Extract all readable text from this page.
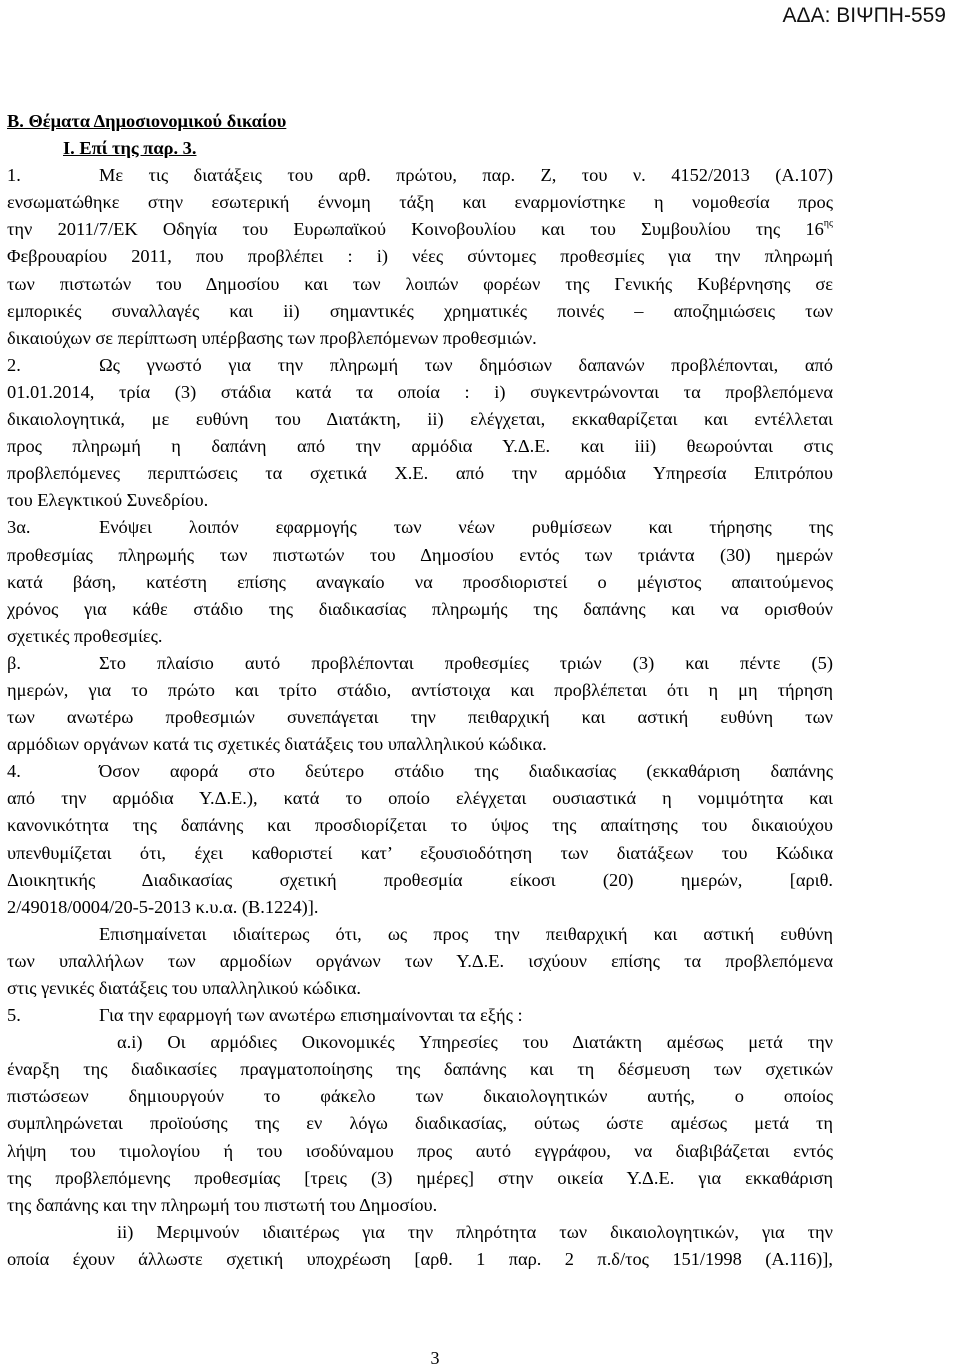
ΑΔΑ: ΒΙΨΠΗ-559

Β. Θέματα Δημοσιονομικού δικαίου

Ι. Επί της παρ. 3.

1.	Με τις διατάξεις του αρθ. πρώτου, παρ. Ζ, του ν. 4152/2013 (Α.107)

ενσωματώθηκε στην εσωτερική έννομη τάξη και εναρμονίστηκε η νομοθεσία προς

την 2011/7/ΕΚ Οδηγία του Ευρωπαϊκού Κοινοβουλίου και του Συμβουλίου της $16^{\eta\varsigma}$

Φεβρουαρίου 2011, που προβλέπει : i) νέες σύντομες προθεσμίες για την πληρωμή

των πιστωτών του Δημοσίου και των λοιπών φορέων της Γενικής Κυβέρνησης σε

εμπορικές συναλλαγές και ii) σημαντικές χρηματικές ποινές – αποζημιώσεις των

δικαιούχων σε περίπτωση υπέρβασης των προβλεπόμενων προθεσμιών.

2.	Ως γνωστό για την πληρωμή των δημόσιων δαπανών προβλέπονται, από

01.01.2014, τρία (3) στάδια κατά τα οποία : i) συγκεντρώνονται τα προβλεπόμενα

δικαιολογητικά, με ευθύνη του Διατάκτη, ii) ελέγχεται, εκκαθαρίζεται και εντέλλεται

προς πληρωμή η δαπάνη από την αρμόδια Υ.Δ.Ε. και iii) θεωρούνται στις

προβλεπόμενες περιπτώσεις τα σχετικά Χ.Ε. από την αρμόδια Υπηρεσία Επιτρόπου

του Ελεγκτικού Συνεδρίου.

3α.	Ενόψει λοιπόν εφαρμογής των νέων ρυθμίσεων και τήρησης της

προθεσμίας πληρωμής των πιστωτών του Δημοσίου εντός των τριάντα (30) ημερών

κατά βάση, κατέστη επίσης αναγκαίο να προσδιοριστεί ο μέγιστος απαιτούμενος

χρόνος για κάθε στάδιο της διαδικασίας πληρωμής της δαπάνης και να ορισθούν

σχετικές προθεσμίες.

β.	Στο πλαίσιο αυτό προβλέπονται προθεσμίες τριών (3) και πέντε (5)

ημερών, για το πρώτο και τρίτο στάδιο, αντίστοιχα και προβλέπεται ότι η μη τήρηση

των ανωτέρω προθεσμιών συνεπάγεται την πειθαρχική και αστική ευθύνη των

αρμόδιων οργάνων κατά τις σχετικές διατάξεις του υπαλληλικού κώδικα.

4.	Όσον αφορά στο δεύτερο στάδιο της διαδικασίας (εκκαθάριση δαπάνης

από την αρμόδια Υ.Δ.Ε.), κατά το οποίο ελέγχεται ουσιαστικά η νομιμότητα και

κανονικότητα της δαπάνης και προσδιορίζεται το ύψος της απαίτησης του δικαιούχου

υπενθυμίζεται ότι, έχει καθοριστεί κατ’ εξουσιοδότηση των διατάξεων του Κώδικα

Διοικητικής Διαδικασίας σχετική προθεσμία είκοσι (20) ημερών, [αριθ.

2/49018/0004/20-5-2013 κ.υ.α. (Β.1224)].

Επισημαίνεται ιδιαίτερως ότι, ως προς την πειθαρχική και αστική ευθύνη

των υπαλλήλων των αρμοδίων οργάνων των Υ.Δ.Ε. ισχύουν επίσης τα προβλεπόμενα

στις γενικές διατάξεις του υπαλληλικού κώδικα.

5.	Για την εφαρμογή των ανωτέρω επισημαίνονται τα εξής :

α.i) Οι αρμόδιες Οικονομικές Υπηρεσίες του Διατάκτη αμέσως μετά την

έναρξη της διαδικασίες πραγματοποίησης της δαπάνης και τη δέσμευση των σχετικών

πιστώσεων δημιουργούν το φάκελο των δικαιολογητικών αυτής, ο οποίος

συμπληρώνεται προϊούσης της εν λόγω διαδικασίας, ούτως ώστε αμέσως μετά τη

λήψη του τιμολογίου ή του ισοδύναμου προς αυτό εγγράφου, να διαβιβάζεται εντός

της προβλεπόμενης προθεσμίας [τρεις (3) ημέρες] στην οικεία Υ.Δ.Ε. για εκκαθάριση

της δαπάνης και την πληρωμή του πιστωτή του Δημοσίου.

ii) Μεριμνούν ιδιαιτέρως για την πληρότητα των δικαιολογητικών, για την

οποία έχουν άλλωστε σχετική υποχρέωση [αρθ. 1 παρ. 2 π.δ/τος 151/1998 (Α.116)],

3
